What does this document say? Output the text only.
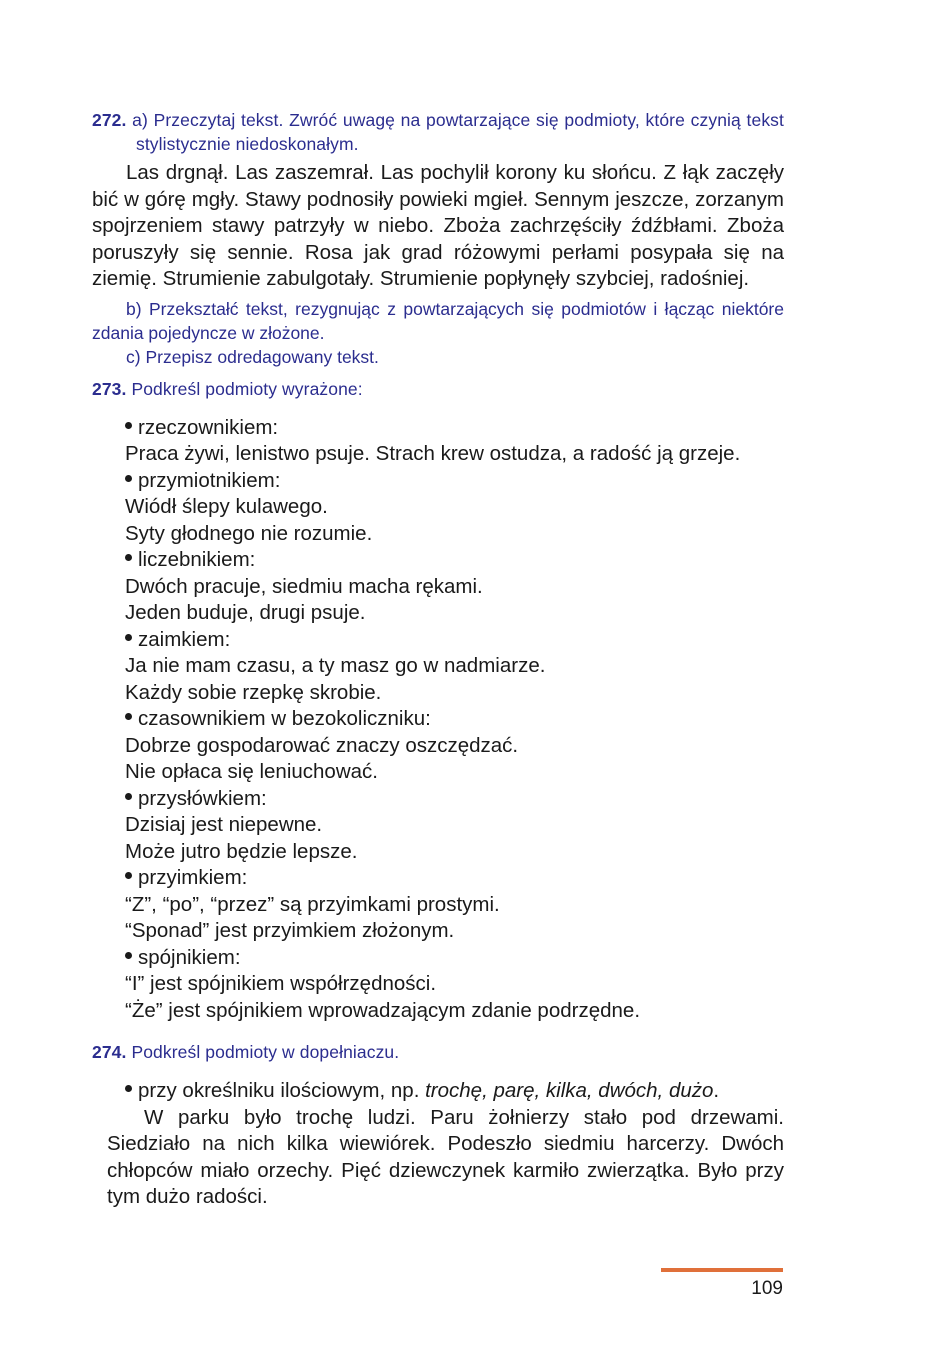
272. a) Przeczytaj tekst. Zwróć uwagę na powtarzające się podmioty, które czynią tekst stylistycznie niedoskonałym.
Las drgnął. Las zaszemrał. Las pochylił korony ku słońcu. Z łąk zaczęły bić w górę mgły. Stawy podnosiły powieki mgieł. Sennym jeszcze, zorzanym spojrzeniem stawy patrzyły w niebo. Zboża zachrzęściły źdźbłami. Zboża poruszyły się sennie. Rosa jak grad różowymi perłami posypała się na ziemię. Strumienie zabulgotały. Strumienie popłynęły szybciej, radośniej.
b) Przekształć tekst, rezygnując z powtarzających się podmiotów i łącząc niektóre zdania pojedyncze w złożone.
c) Przepisz odredagowany tekst.
273. Podkreśl podmioty wyrażone:
rzeczownikiem:
Praca żywi, lenistwo psuje. Strach krew ostudza, a radość ją grzeje.
przymiotnikiem:
Wiódł ślepy kulawego.
Syty głodnego nie rozumie.
liczebnikiem:
Dwóch pracuje, siedmiu macha rękami.
Jeden buduje, drugi psuje.
zaimkiem:
Ja nie mam czasu, a ty masz go w nadmiarze.
Każdy sobie rzepkę skrobie.
czasownikiem w bezokoliczniku:
Dobrze gospodarować znaczy oszczędzać.
Nie opłaca się leniuchować.
przysłówkiem:
Dzisiaj jest niepewne.
Może jutro będzie lepsze.
przyimkiem:
“Z”, “po”, “przez” są przyimkami prostymi.
“Sponad” jest przyimkiem złożonym.
spójnikiem:
“I” jest spójnikiem współrzędności.
“Że” jest spójnikiem wprowadzającym zdanie podrzędne.
274. Podkreśl podmioty w dopełniaczu.
przy określniku ilościowym, np. trochę, parę, kilka, dwóch, dużo.
W parku było trochę ludzi. Paru żołnierzy stało pod drzewami. Siedziało na nich kilka wiewiórek. Podeszło siedmiu harcerzy. Dwóch chłopców miało orzechy. Pięć dziewczynek karmiło zwierzątka. Było przy tym dużo radości.
109
